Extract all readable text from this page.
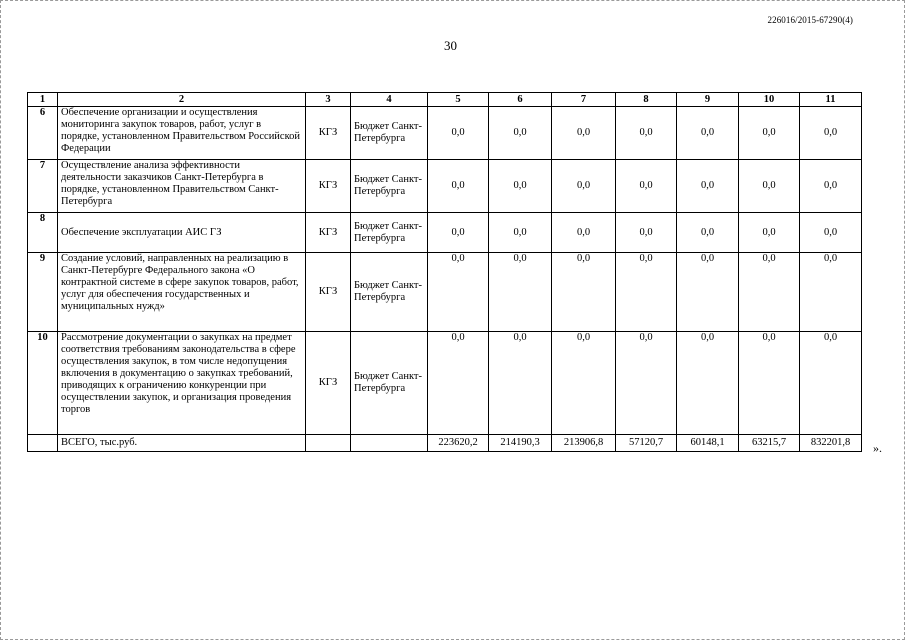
226016/2015-67290(4)
30
1	2	3	4	5	6	7	8	9	10	11
6	Обеспечение организации и осуществления мониторинга закупок товаров, работ, услуг в порядке, установленном Правительством Российской Федерации	КГЗ	Бюджет Санкт-Петербурга	0,0	0,0	0,0	0,0	0,0	0,0	0,0
7	Осуществление анализа эффективности деятельности заказчиков Санкт-Петербурга в порядке, установленном Правительством Санкт-Петербурга	КГЗ	Бюджет Санкт-Петербурга	0,0	0,0	0,0	0,0	0,0	0,0	0,0
8	Обеспечение эксплуатации АИС ГЗ	КГЗ	Бюджет Санкт-Петербурга	0,0	0,0	0,0	0,0	0,0	0,0	0,0
9	Создание условий, направленных на реализацию в Санкт-Петербурге Федерального закона «О контрактной системе в сфере закупок товаров, работ, услуг для обеспечения государственных и муниципальных нужд»	КГЗ	Бюджет Санкт-Петербурга	0,0	0,0	0,0	0,0	0,0	0,0	0,0
10	Рассмотрение документации о закупках на предмет соответствия требованиям законодательства в сфере осуществления закупок, в том числе недопущения включения в документацию о закупках требований, приводящих к ограничению конкуренции при осуществлении закупок, и организация проведения торгов	КГЗ	Бюджет Санкт-Петербурга	0,0	0,0	0,0	0,0	0,0	0,0	0,0
	ВСЕГО, тыс.руб.			223620,2	214190,3	213906,8	57120,7	60148,1	63215,7	832201,8 ».
